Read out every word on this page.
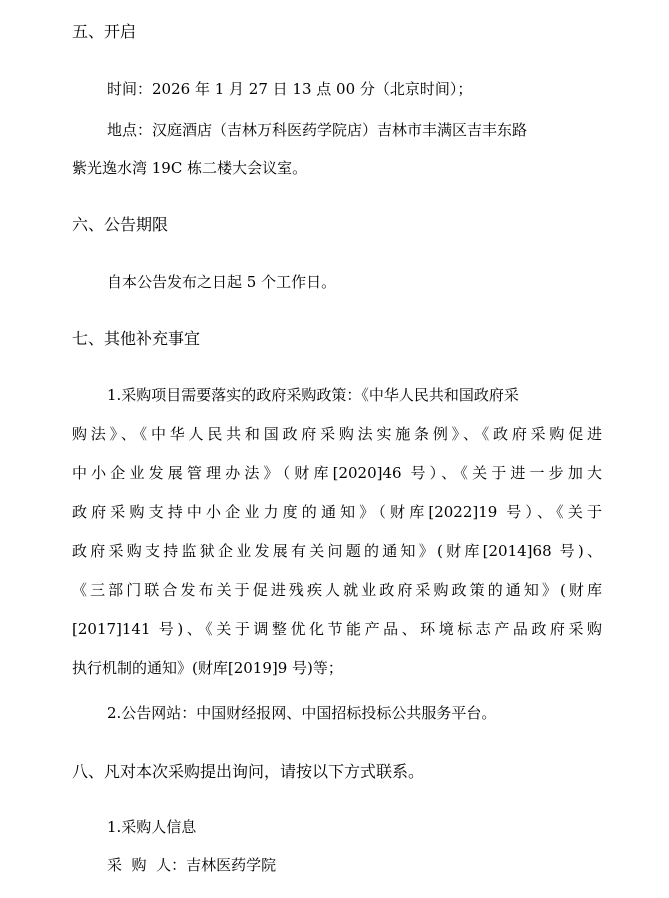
五、开启
时间：2026 年 1 月 27 日 13 点 00 分（北京时间）；
地点：汉庭酒店（吉林万科医药学院店）吉林市丰满区吉丰东路
紫光逸水湾 19C 栋二楼大会议室。
六、公告期限
自本公告发布之日起 5 个工作日。
七、其他补充事宜
1.采购项目需要落实的政府采购政策：《中华人民共和国政府采
购法》、《中华人民共和国政府采购法实施条例》、《政府采购促进
中小企业发展管理办法》（财库[2020]46 号）、《关于进一步加大
政府采购支持中小企业力度的通知》（财库[2022]19 号）、《关于
政府采购支持监狱企业发展有关问题的通知》(财库[2014]68 号)、
《三部门联合发布关于促进残疾人就业政府采购政策的通知》(财库
[2017]141 号)、《关于调整优化节能产品、环境标志产品政府采购
执行机制的通知》(财库[2019]9 号)等；
2.公告网站：中国财经报网、中国招标投标公共服务平台。
八、凡对本次采购提出询问，请按以下方式联系。
1.采购人信息
采  购  人：吉林医药学院
